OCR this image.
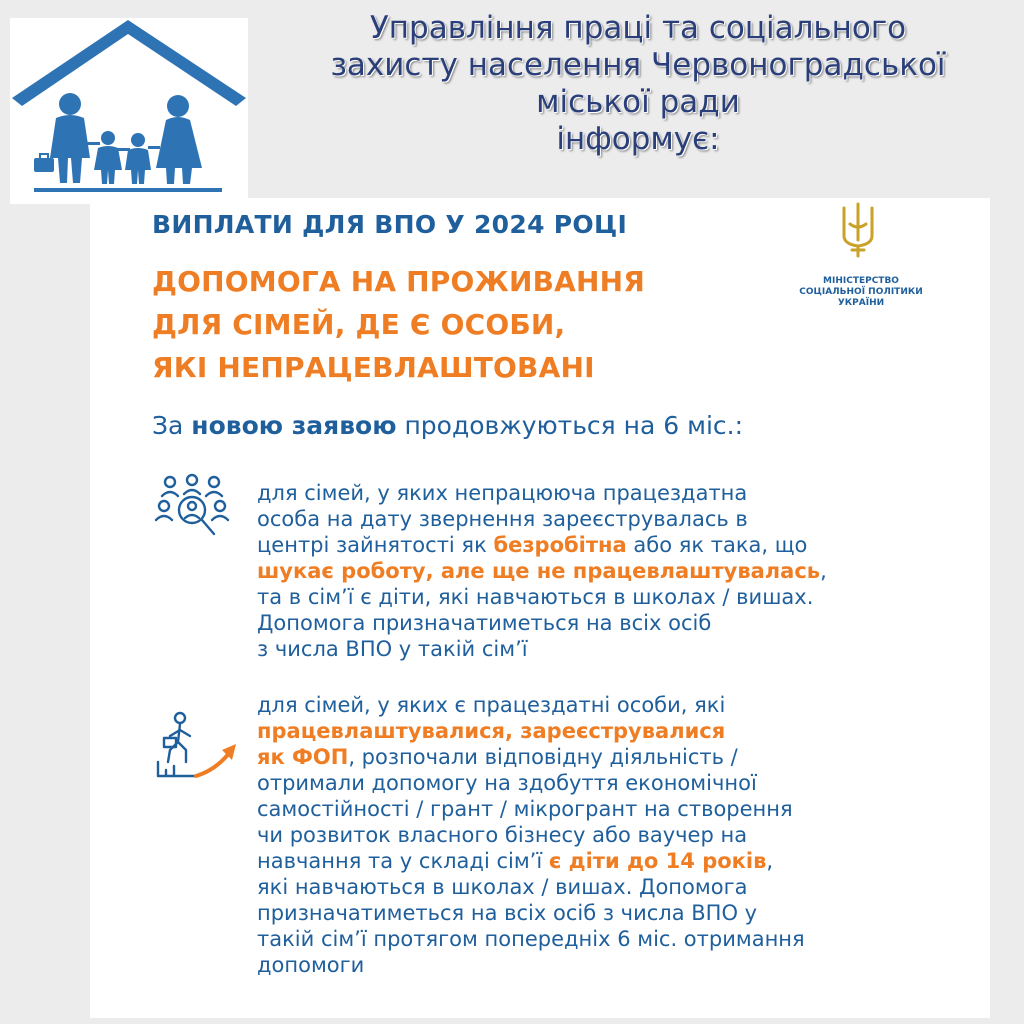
Управління праці та соціального
захисту населення Червоноградської
міської ради
інформує:
ВИПЛАТИ ДЛЯ ВПО У 2024 РОЦІ
ДОПОМОГА НА ПРОЖИВАННЯ
ДЛЯ СІМЕЙ, ДЕ Є ОСОБИ,
ЯКІ НЕПРАЦЕВЛАШТОВАНІ
МІНІСТЕРСТВО
СОЦІАЛЬНОЇ ПОЛІТИКИ
УКРАЇНИ
За новою заявою продовжуються на 6 міс.:
для сімей, у яких непрацююча працездатна
особа на дату звернення зареєструвалась в
центрі зайнятості як безробітна або як така, що
шукає роботу, але ще не працевлаштувалась,
та в сім’ї є діти, які навчаються в школах / вишах.
Допомога призначатиметься на всіх осіб
з числа ВПО у такій сім’ї
для сімей, у яких є працездатні особи, які
працевлаштувалися, зареєструвалися
як ФОП, розпочали відповідну діяльність /
отримали допомогу на здобуття економічної
самостійності / грант / мікрогрант на створення
чи розвиток власного бізнесу або ваучер на
навчання та у складі сім’ї є діти до 14 років,
які навчаються в школах / вишах. Допомога
призначатиметься на всіх осіб з числа ВПО у
такій сім’ї протягом попередніх 6 міс. отримання
допомоги
